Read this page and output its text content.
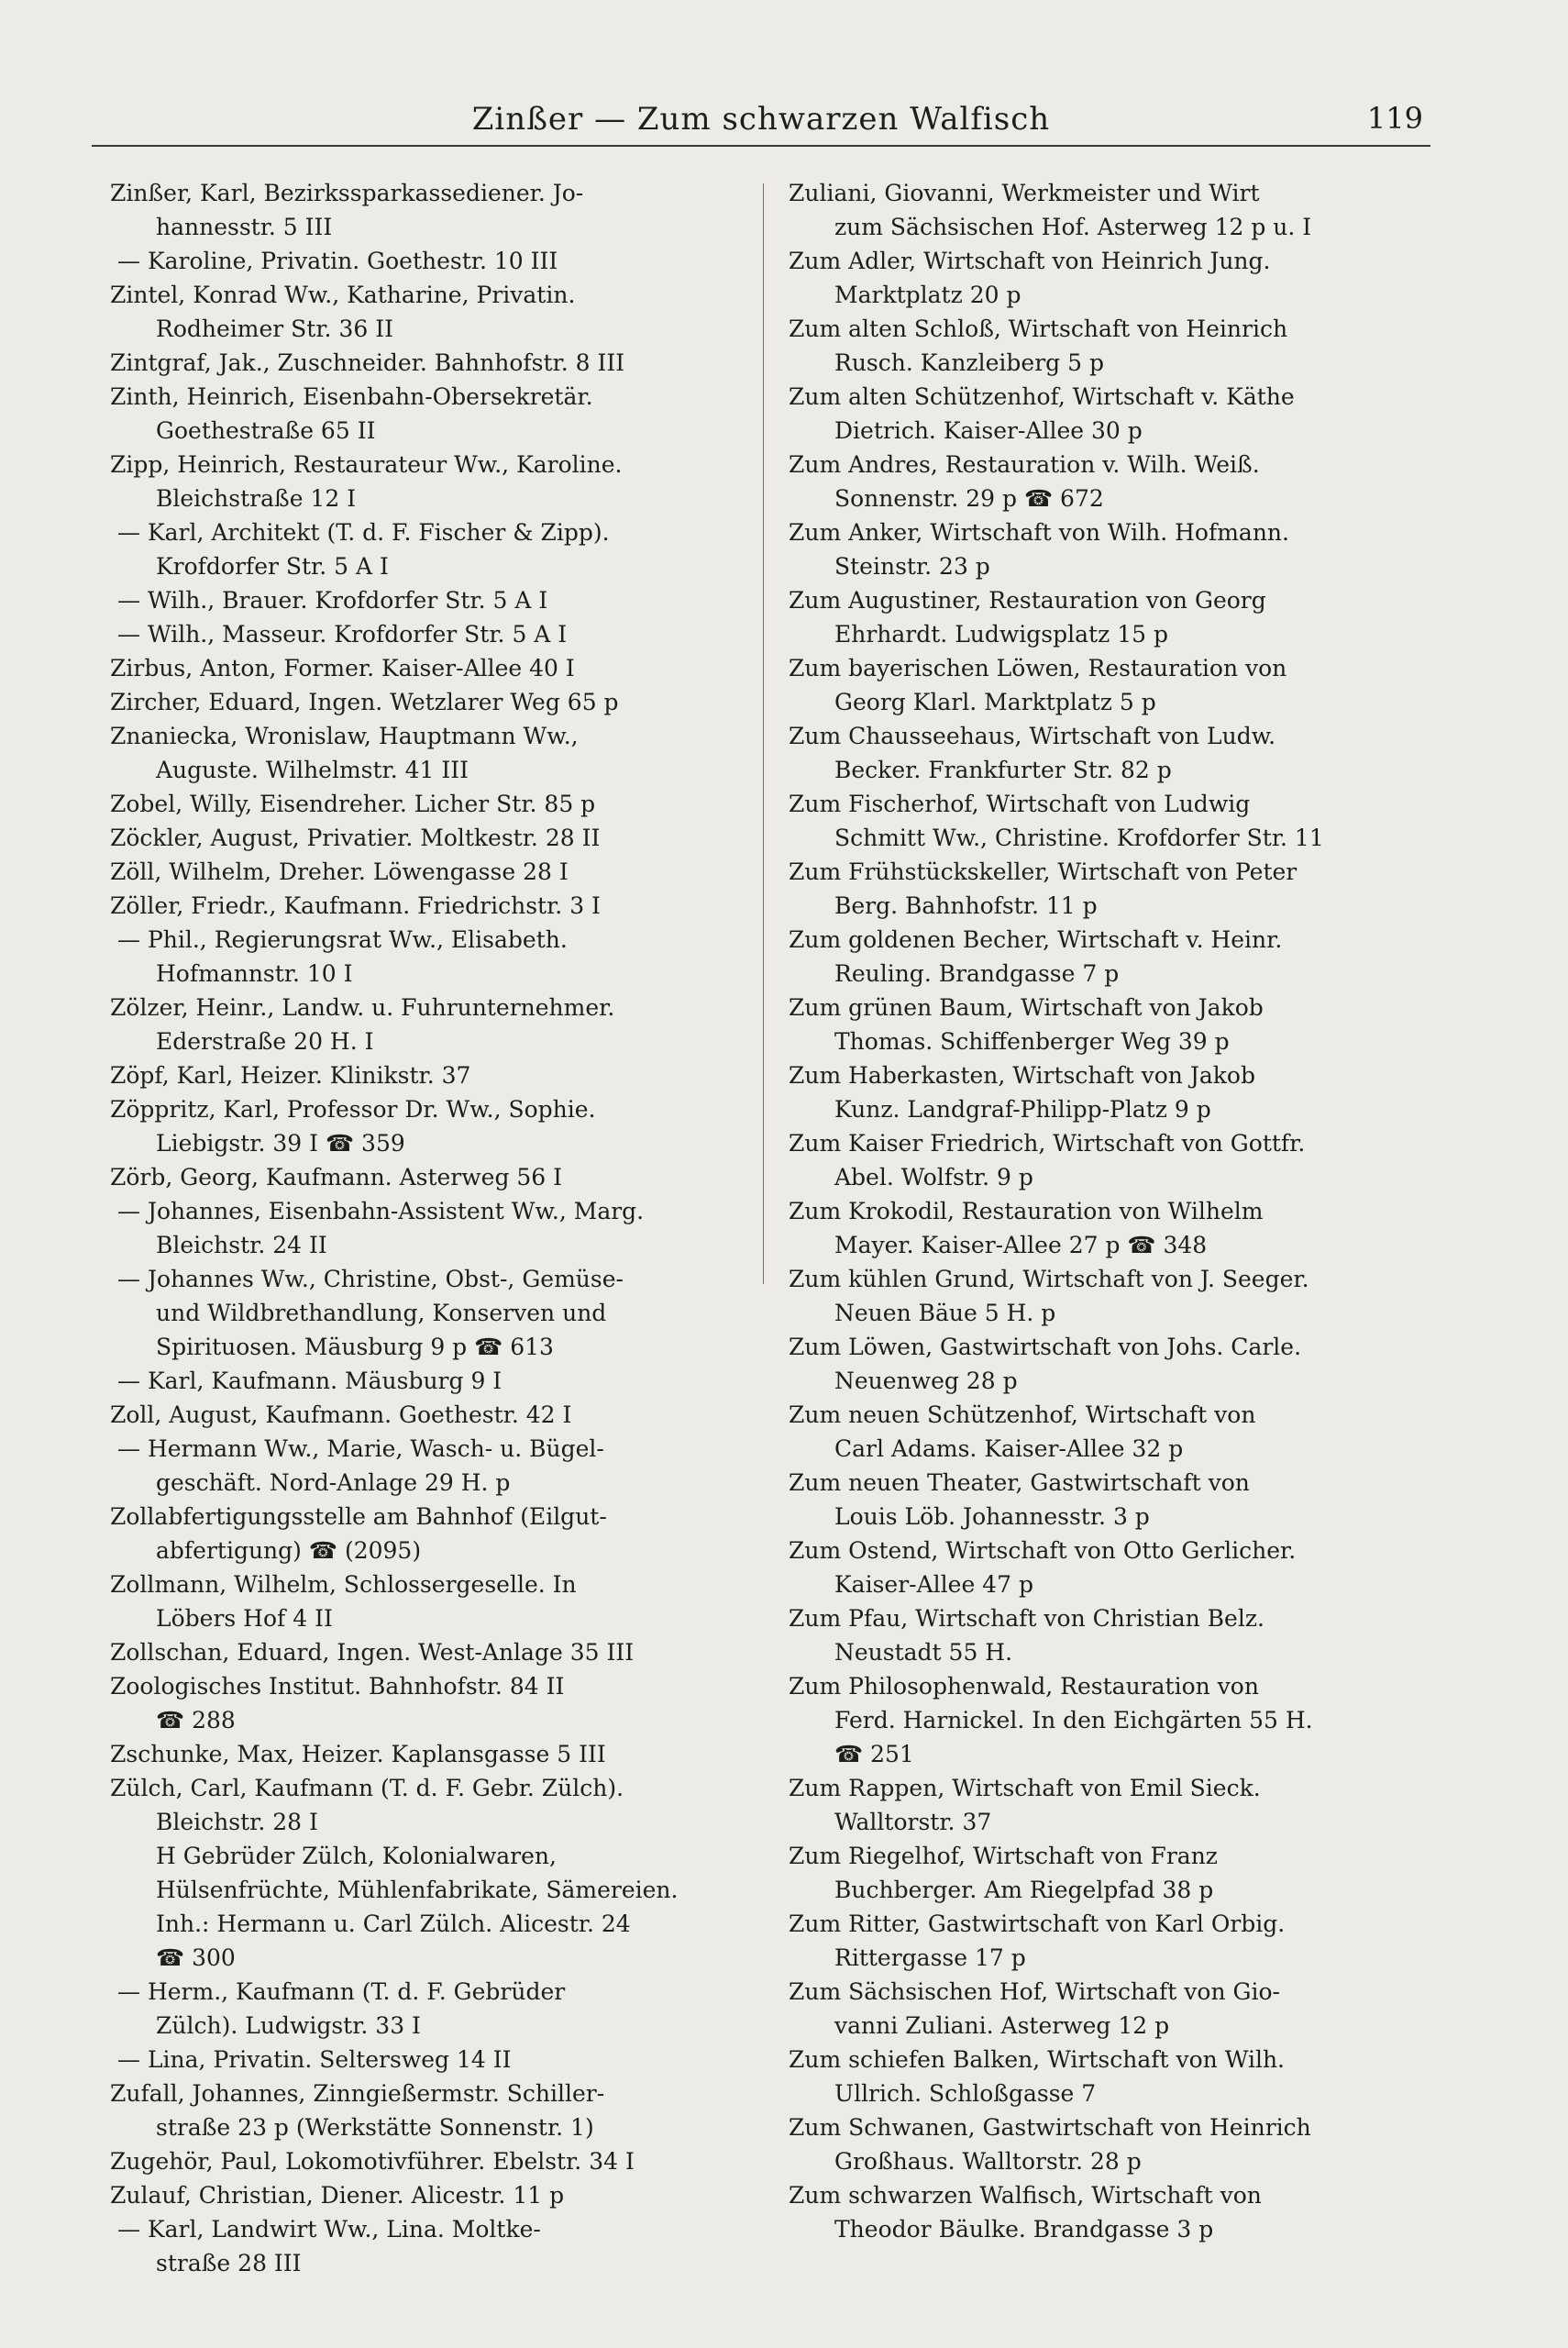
Zinßer — Zum schwarzen Walfisch	119
Zinßer, Karl, Bezirkssparkassediener. Jo-
hannesstr. 5 III
— Karoline, Privatin. Goethestr. 10 III
Zintel, Konrad Ww., Katharine, Privatin.
Rodheimer Str. 36 II
Zintgraf, Jak., Zuschneider. Bahnhofstr. 8 III
Zinth, Heinrich, Eisenbahn-Obersekretär.
Goethestraße 65 II
Zipp, Heinrich, Restaurateur Ww., Karoline.
Bleichstraße 12 I
— Karl, Architekt (T. d. F. Fischer & Zipp).
Krofdorfer Str. 5 A I
— Wilh., Brauer. Krofdorfer Str. 5 A I
— Wilh., Masseur. Krofdorfer Str. 5 A I
Zirbus, Anton, Former. Kaiser-Allee 40 I
Zircher, Eduard, Ingen. Wetzlarer Weg 65 p
Znaniecka, Wronislaw, Hauptmann Ww.,
Auguste. Wilhelmstr. 41 III
Zobel, Willy, Eisendreher. Licher Str. 85 p
Zöckler, August, Privatier. Moltkestr. 28 II
Zöll, Wilhelm, Dreher. Löwengasse 28 I
Zöller, Friedr., Kaufmann. Friedrichstr. 3 I
— Phil., Regierungsrat Ww., Elisabeth.
Hofmannstr. 10 I
Zölzer, Heinr., Landw. u. Fuhrunternehmer.
Ederstraße 20 H. I
Zöpf, Karl, Heizer. Klinikstr. 37
Zöppritz, Karl, Professor Dr. Ww., Sophie.
Liebigstr. 39 I ☎ 359
Zörb, Georg, Kaufmann. Asterweg 56 I
— Johannes, Eisenbahn-Assistent Ww., Marg.
Bleichstr. 24 II
— Johannes Ww., Christine, Obst-, Gemüse-
und Wildbrethandlung, Konserven und
Spirituosen. Mäusburg 9 p ☎ 613
— Karl, Kaufmann. Mäusburg 9 I
Zoll, August, Kaufmann. Goethestr. 42 I
— Hermann Ww., Marie, Wasch- u. Bügel-
geschäft. Nord-Anlage 29 H. p
Zollabfertigungsstelle am Bahnhof (Eilgut-
abfertigung) ☎ (2095)
Zollmann, Wilhelm, Schlossergeselle. In
Löbers Hof 4 II
Zollschan, Eduard, Ingen. West-Anlage 35 III
Zoologisches Institut. Bahnhofstr. 84 II
☎ 288
Zschunke, Max, Heizer. Kaplansgasse 5 III
Zülch, Carl, Kaufmann (T. d. F. Gebr. Zülch).
Bleichstr. 28 I
H Gebrüder Zülch, Kolonialwaren,
Hülsenfrüchte, Mühlenfabrikate, Sämereien.
Inh.: Hermann u. Carl Zülch. Alicestr. 24
☎ 300
— Herm., Kaufmann (T. d. F. Gebrüder
Zülch). Ludwigstr. 33 I
— Lina, Privatin. Seltersweg 14 II
Zufall, Johannes, Zinngießermstr. Schiller-
straße 23 p (Werkstätte Sonnenstr. 1)
Zugehör, Paul, Lokomotivführer. Ebelstr. 34 I
Zulauf, Christian, Diener. Alicestr. 11 p
— Karl, Landwirt Ww., Lina. Moltke-
straße 28 III
Zuliani, Giovanni, Werkmeister und Wirt
zum Sächsischen Hof. Asterweg 12 p u. I
Zum Adler, Wirtschaft von Heinrich Jung.
Marktplatz 20 p
Zum alten Schloß, Wirtschaft von Heinrich
Rusch. Kanzleiberg 5 p
Zum alten Schützenhof, Wirtschaft v. Käthe
Dietrich. Kaiser-Allee 30 p
Zum Andres, Restauration v. Wilh. Weiß.
Sonnenstr. 29 p ☎ 672
Zum Anker, Wirtschaft von Wilh. Hofmann.
Steinstr. 23 p
Zum Augustiner, Restauration von Georg
Ehrhardt. Ludwigsplatz 15 p
Zum bayerischen Löwen, Restauration von
Georg Klarl. Marktplatz 5 p
Zum Chausseehaus, Wirtschaft von Ludw.
Becker. Frankfurter Str. 82 p
Zum Fischerhof, Wirtschaft von Ludwig
Schmitt Ww., Christine. Krofdorfer Str. 11
Zum Frühstückskeller, Wirtschaft von Peter
Berg. Bahnhofstr. 11 p
Zum goldenen Becher, Wirtschaft v. Heinr.
Reuling. Brandgasse 7 p
Zum grünen Baum, Wirtschaft von Jakob
Thomas. Schiffenberger Weg 39 p
Zum Haberkasten, Wirtschaft von Jakob
Kunz. Landgraf-Philipp-Platz 9 p
Zum Kaiser Friedrich, Wirtschaft von Gottfr.
Abel. Wolfstr. 9 p
Zum Krokodil, Restauration von Wilhelm
Mayer. Kaiser-Allee 27 p ☎ 348
Zum kühlen Grund, Wirtschaft von J. Seeger.
Neuen Bäue 5 H. p
Zum Löwen, Gastwirtschaft von Johs. Carle.
Neuenweg 28 p
Zum neuen Schützenhof, Wirtschaft von
Carl Adams. Kaiser-Allee 32 p
Zum neuen Theater, Gastwirtschaft von
Louis Löb. Johannesstr. 3 p
Zum Ostend, Wirtschaft von Otto Gerlicher.
Kaiser-Allee 47 p
Zum Pfau, Wirtschaft von Christian Belz.
Neustadt 55 H.
Zum Philosophenwald, Restauration von
Ferd. Harnickel. In den Eichgärten 55 H.
☎ 251
Zum Rappen, Wirtschaft von Emil Sieck.
Walltorstr. 37
Zum Riegelhof, Wirtschaft von Franz
Buchberger. Am Riegelpfad 38 p
Zum Ritter, Gastwirtschaft von Karl Orbig.
Rittergasse 17 p
Zum Sächsischen Hof, Wirtschaft von Gio-
vanni Zuliani. Asterweg 12 p
Zum schiefen Balken, Wirtschaft von Wilh.
Ullrich. Schloßgasse 7
Zum Schwanen, Gastwirtschaft von Heinrich
Großhaus. Walltorstr. 28 p
Zum schwarzen Walfisch, Wirtschaft von
Theodor Bäulke. Brandgasse 3 p
